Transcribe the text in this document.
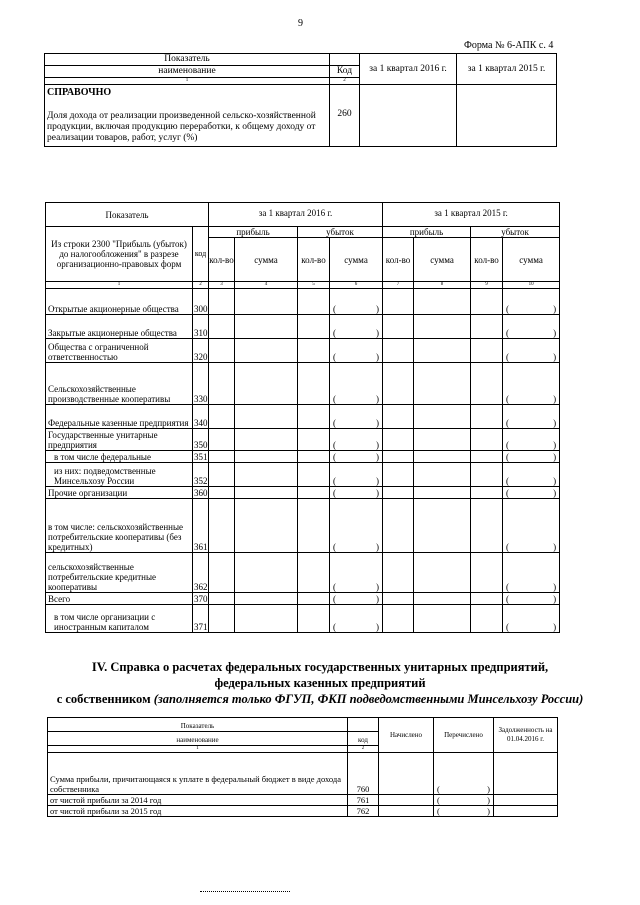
9
Форма № 6-АПК с. 4
Показатель		за 1 квартал 2016 г.	за 1 квартал 2015 г.
наименование	Код		
1	2		

СПРАВОЧНО
Доля дохода от реализации произведенной сельско-хозяйственной продукции, включая продукцию переработки, к общему доходу от реализации товаров, работ, услуг (%)	260		
Показатель		за 1 квартал 2016 г.				за 1 квартал 2015 г.			
Из строки 2300 "Прибыль (убыток) до налогообложения" в разрезе организационно-правовых форм	код	прибыль		убыток		прибыль		убыток	
		кол-во	сумма	кол-во	сумма	кол-во	сумма	кол-во	сумма
1	2	3	4	5	6	7	8	9	10
Открытые акционерные общества	300				( )				( )

Закрытые акционерные общества	310				( )				( )

Общества с ограниченной ответственностью	320				( )				( )

Сельскохозяйственные производственные кооперативы	330				( )				( )

Федеральные казенные предприятия	340				( )				( )

Государственные унитарные предприятия	350				( )				( )

в том числе федеральные	351				( )				( )

из них: подведомственные Минсельхозу России	352				( )				( )

Прочие организации	360				( )				( )

в том числе: сельскохозяйственные потребительские кооперативы (без кредитных)	361				( )				( )

сельскохозяйственные потребительские кредитные кооперативы	362				( )				( )

Всего	370				( )				( )

в том числе организации с иностранным капиталом	371				( )				( )
IV. Справка о расчетах федеральных государственных унитарных предприятий,
федеральных казенных предприятий
с собственником (заполняется только ФГУП, ФКП подведомственными Минсельхозу России)
Показатель		Начислено	Перечислено	Задолженность на 01.04.2016 г.
наименование	код			
1	2			
Сумма прибыли, причитающаяся к уплате в федеральный бюджет в виде дохода собственника	760		( )	

от чистой прибыли за 2014 год	761		( )	

от чистой прибыли за 2015 год	762		( )	
